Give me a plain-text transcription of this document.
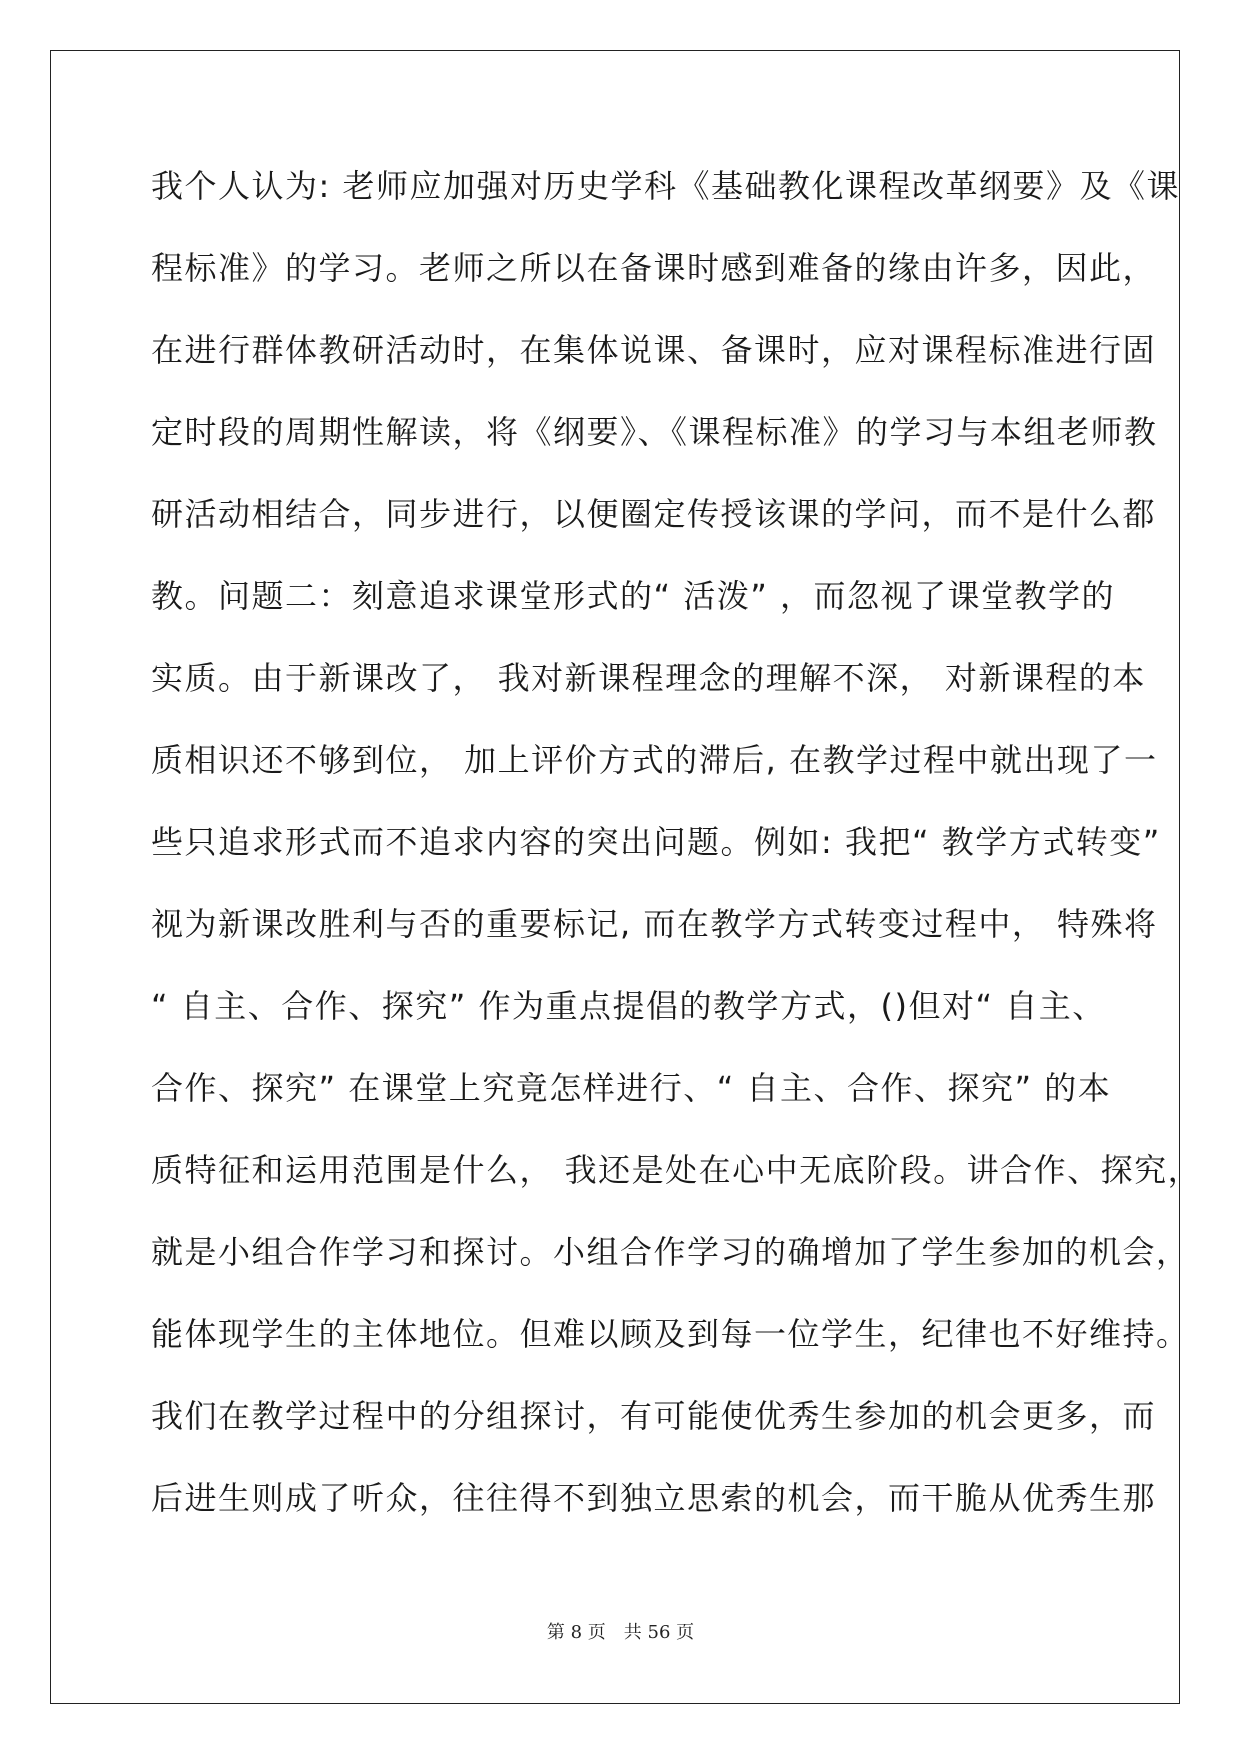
我个人认为: 老师应加强对历史学科《基础教化课程改革纲要》及《课
程标准》的学习。老师之所以在备课时感到难备的缘由许多，因此，
在进行群体教研活动时，在集体说课、备课时，应对课程标准进行固
定时段的周期性解读，将《纲要》、《课程标准》的学习与本组老师教
研活动相结合，同步进行，以便圈定传授该课的学问，而不是什么都
教。问题二：刻意追求课堂形式的“ 活泼” ，而忽视了课堂教学的
实质。由于新课改了， 我对新课程理念的理解不深， 对新课程的本
质相识还不够到位， 加上评价方式的滞后, 在教学过程中就出现了一
些只追求形式而不追求内容的突出问题。例如: 我把“ 教学方式转变”
视为新课改胜利与否的重要标记, 而在教学方式转变过程中， 特殊将
“ 自主、合作、探究” 作为重点提倡的教学方式，()但对“ 自主、
合作、探究” 在课堂上究竟怎样进行、“ 自主、合作、探究” 的本
质特征和运用范围是什么， 我还是处在心中无底阶段。讲合作、探究，
就是小组合作学习和探讨。小组合作学习的确增加了学生参加的机会，
能体现学生的主体地位。但难以顾及到每一位学生，纪律也不好维持。
我们在教学过程中的分组探讨，有可能使优秀生参加的机会更多，而
后进生则成了听众，往往得不到独立思索的机会，而干脆从优秀生那
第 8 页　共 56 页
